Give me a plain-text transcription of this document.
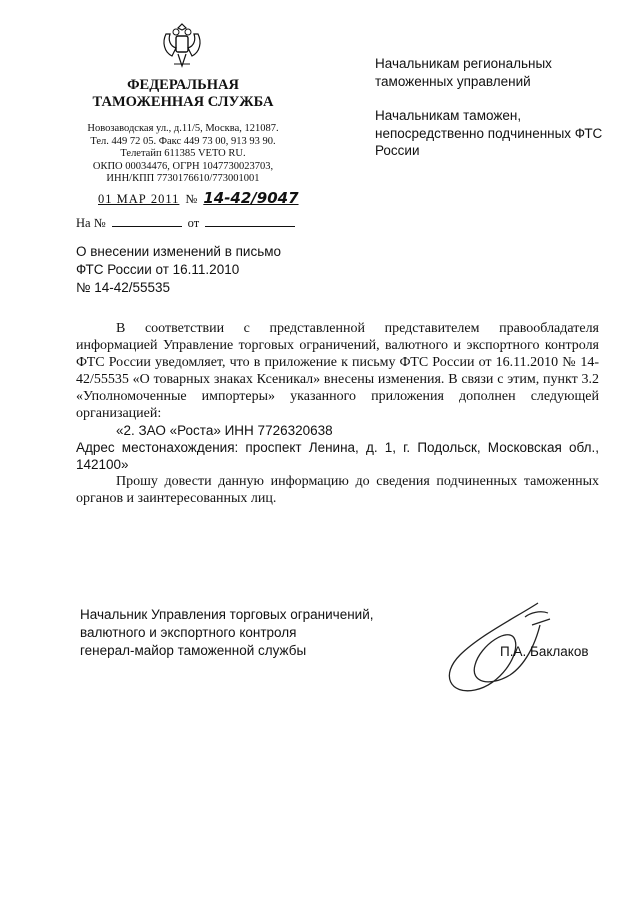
ФЕДЕРАЛЬНАЯ
ТАМОЖЕННАЯ СЛУЖБА
Новозаводская ул., д.11/5, Москва, 121087.
Тел. 449 72 05. Факс 449 73 00, 913 93 90.
Телетайп 611385 VETO RU.
ОКПО 00034476, ОГРН 1047730023703,
ИНН/КПП 7730176610/773001001
01 МАР 2011 № 14-42/9047
На №	от

Начальникам региональных таможенных управлений

Начальникам таможен, непосредственно подчиненных ФТС России

О внесении изменений в письмо
ФТС России от 16.11.2010
№ 14-42/55535

В соответствии с представленной представителем правообладателя информацией Управление торговых ограничений, валютного и экспортного контроля ФТС России уведомляет, что в приложение к письму ФТС России от 16.11.2010 № 14-42/55535 «О товарных знаках Ксеникал» внесены изменения. В связи с этим, пункт 3.2 «Уполномоченные импортеры» указанного приложения дополнен следующей организацией:

«2. ЗАО «Роста» ИНН 7726320638

Адрес местонахождения: проспект Ленина, д. 1, г. Подольск, Московская обл., 142100»

Прошу довести данную информацию до сведения подчиненных таможенных органов и заинтересованных лиц.

Начальник Управления торговых ограничений,
валютного и экспортного контроля
генерал-майор таможенной службы	П.А. Баклаков
